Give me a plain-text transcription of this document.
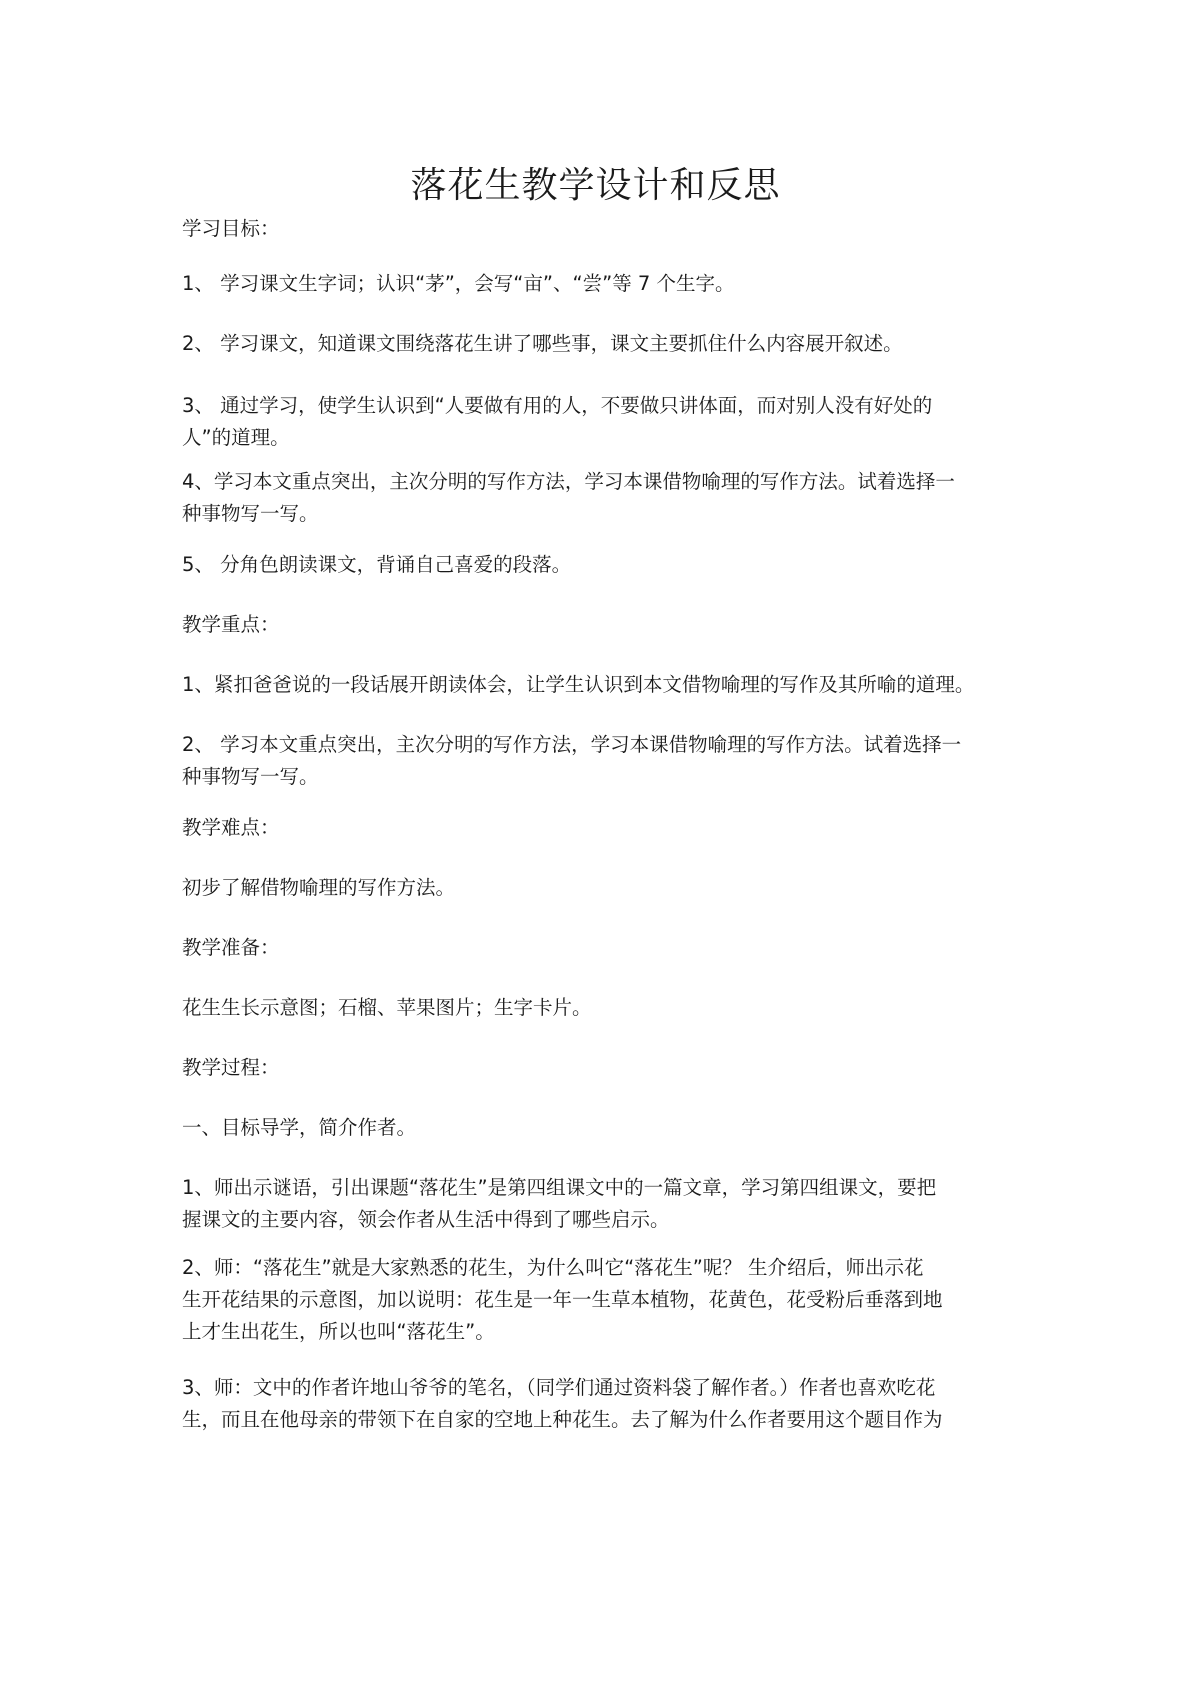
落花生教学设计和反思
学习目标：
1、 学习课文生字词；认识“茅”，会写“亩”、“尝”等 7 个生字。
2、 学习课文，知道课文围绕落花生讲了哪些事，课文主要抓住什么内容展开叙述。
3、 通过学习，使学生认识到“人要做有用的人，不要做只讲体面，而对别人没有好处的
人”的道理。
4、学习本文重点突出，主次分明的写作方法，学习本课借物喻理的写作方法。试着选择一
种事物写一写。
5、 分角色朗读课文，背诵自己喜爱的段落。
教学重点：
1、紧扣爸爸说的一段话展开朗读体会，让学生认识到本文借物喻理的写作及其所喻的道理。
2、 学习本文重点突出，主次分明的写作方法，学习本课借物喻理的写作方法。试着选择一
种事物写一写。
教学难点：
初步了解借物喻理的写作方法。
教学准备：
花生生长示意图；石榴、苹果图片；生字卡片。
教学过程：
一、目标导学，简介作者。
1、师出示谜语，引出课题“落花生”是第四组课文中的一篇文章，学习第四组课文，要把
握课文的主要内容，领会作者从生活中得到了哪些启示。
2、师：“落花生”就是大家熟悉的花生，为什么叫它“落花生”呢？ 生介绍后，师出示花
生开花结果的示意图，加以说明：花生是一年一生草本植物，花黄色，花受粉后垂落到地
上才生出花生，所以也叫“落花生”。
3、师：文中的作者许地山爷爷的笔名，（同学们通过资料袋了解作者。）作者也喜欢吃花
生，而且在他母亲的带领下在自家的空地上种花生。去了解为什么作者要用这个题目作为
